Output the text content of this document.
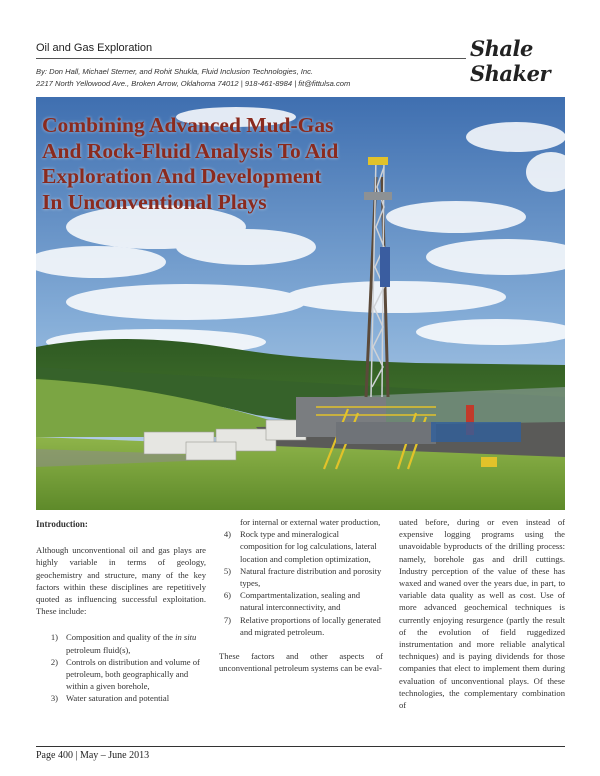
Oil and Gas Exploration	Shale Shaker
By: Don Hall, Michael Sterner, and Rohit Shukla, Fluid Inclusion Technologies, Inc.
2217 North Yellowood Ave., Broken Arrow, Oklahoma 74012 | 918-461-8984 | fit@fittulsa.com
Combining Advanced Mud-Gas
And Rock-Fluid Analysis To Aid
Exploration And Development
In Unconventional Plays
Introduction:

Although unconventional oil and gas plays are highly variable in terms of geology, geochemistry and structure, many of the key factors within these disciplines are repetitively quoted as influencing successful exploitation. These include:

1) Composition and quality of the in situ petroleum fluid(s),
2) Controls on distribution and volume of petroleum, both geographically and within a given borehole,
3) Water saturation and potential
for internal or external water production,
4) Rock type and mineralogical composition for log calculations, lateral location and completion optimization,
5) Natural fracture distribution and porosity types,
6) Compartmentalization, sealing and natural interconnectivity, and
7) Relative proportions of locally generated and migrated petroleum.

These factors and other aspects of unconventional petroleum systems can be eval-

uated before, during or even instead of expensive logging programs using the unavoidable byproducts of the drilling process: namely, borehole gas and drill cuttings. Industry perception of the value of these has waxed and waned over the years due, in part, to variable data quality as well as cost. Use of more advanced geochemical techniques is currently enjoying resurgence (partly the result of the evolution of field ruggedized instrumentation and more reliable analytical techniques) and is paying dividends for those companies that elect to implement them during evaluation of unconventional plays. Of these technologies, the complementary combination of

Page 400 | May – June 2013
